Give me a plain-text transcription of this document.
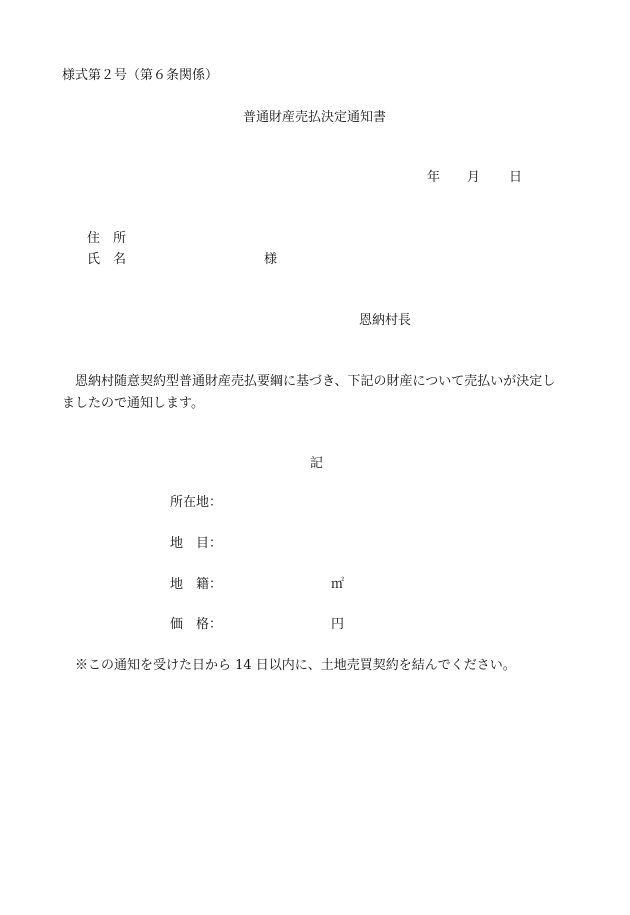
様式第２号（第６条関係）
普通財産売払決定通知書
年 月 日
住　所
氏　名	様
恩納村長
　恩納村随意契約型普通財産売払要綱に基づき、下記の財産について売払いが決定し
ましたので通知します。
記
所在地：
地　目：
地　籍：	㎡
価　格：	円
※この通知を受けた日から 14 日以内に、土地売買契約を結んでください。
